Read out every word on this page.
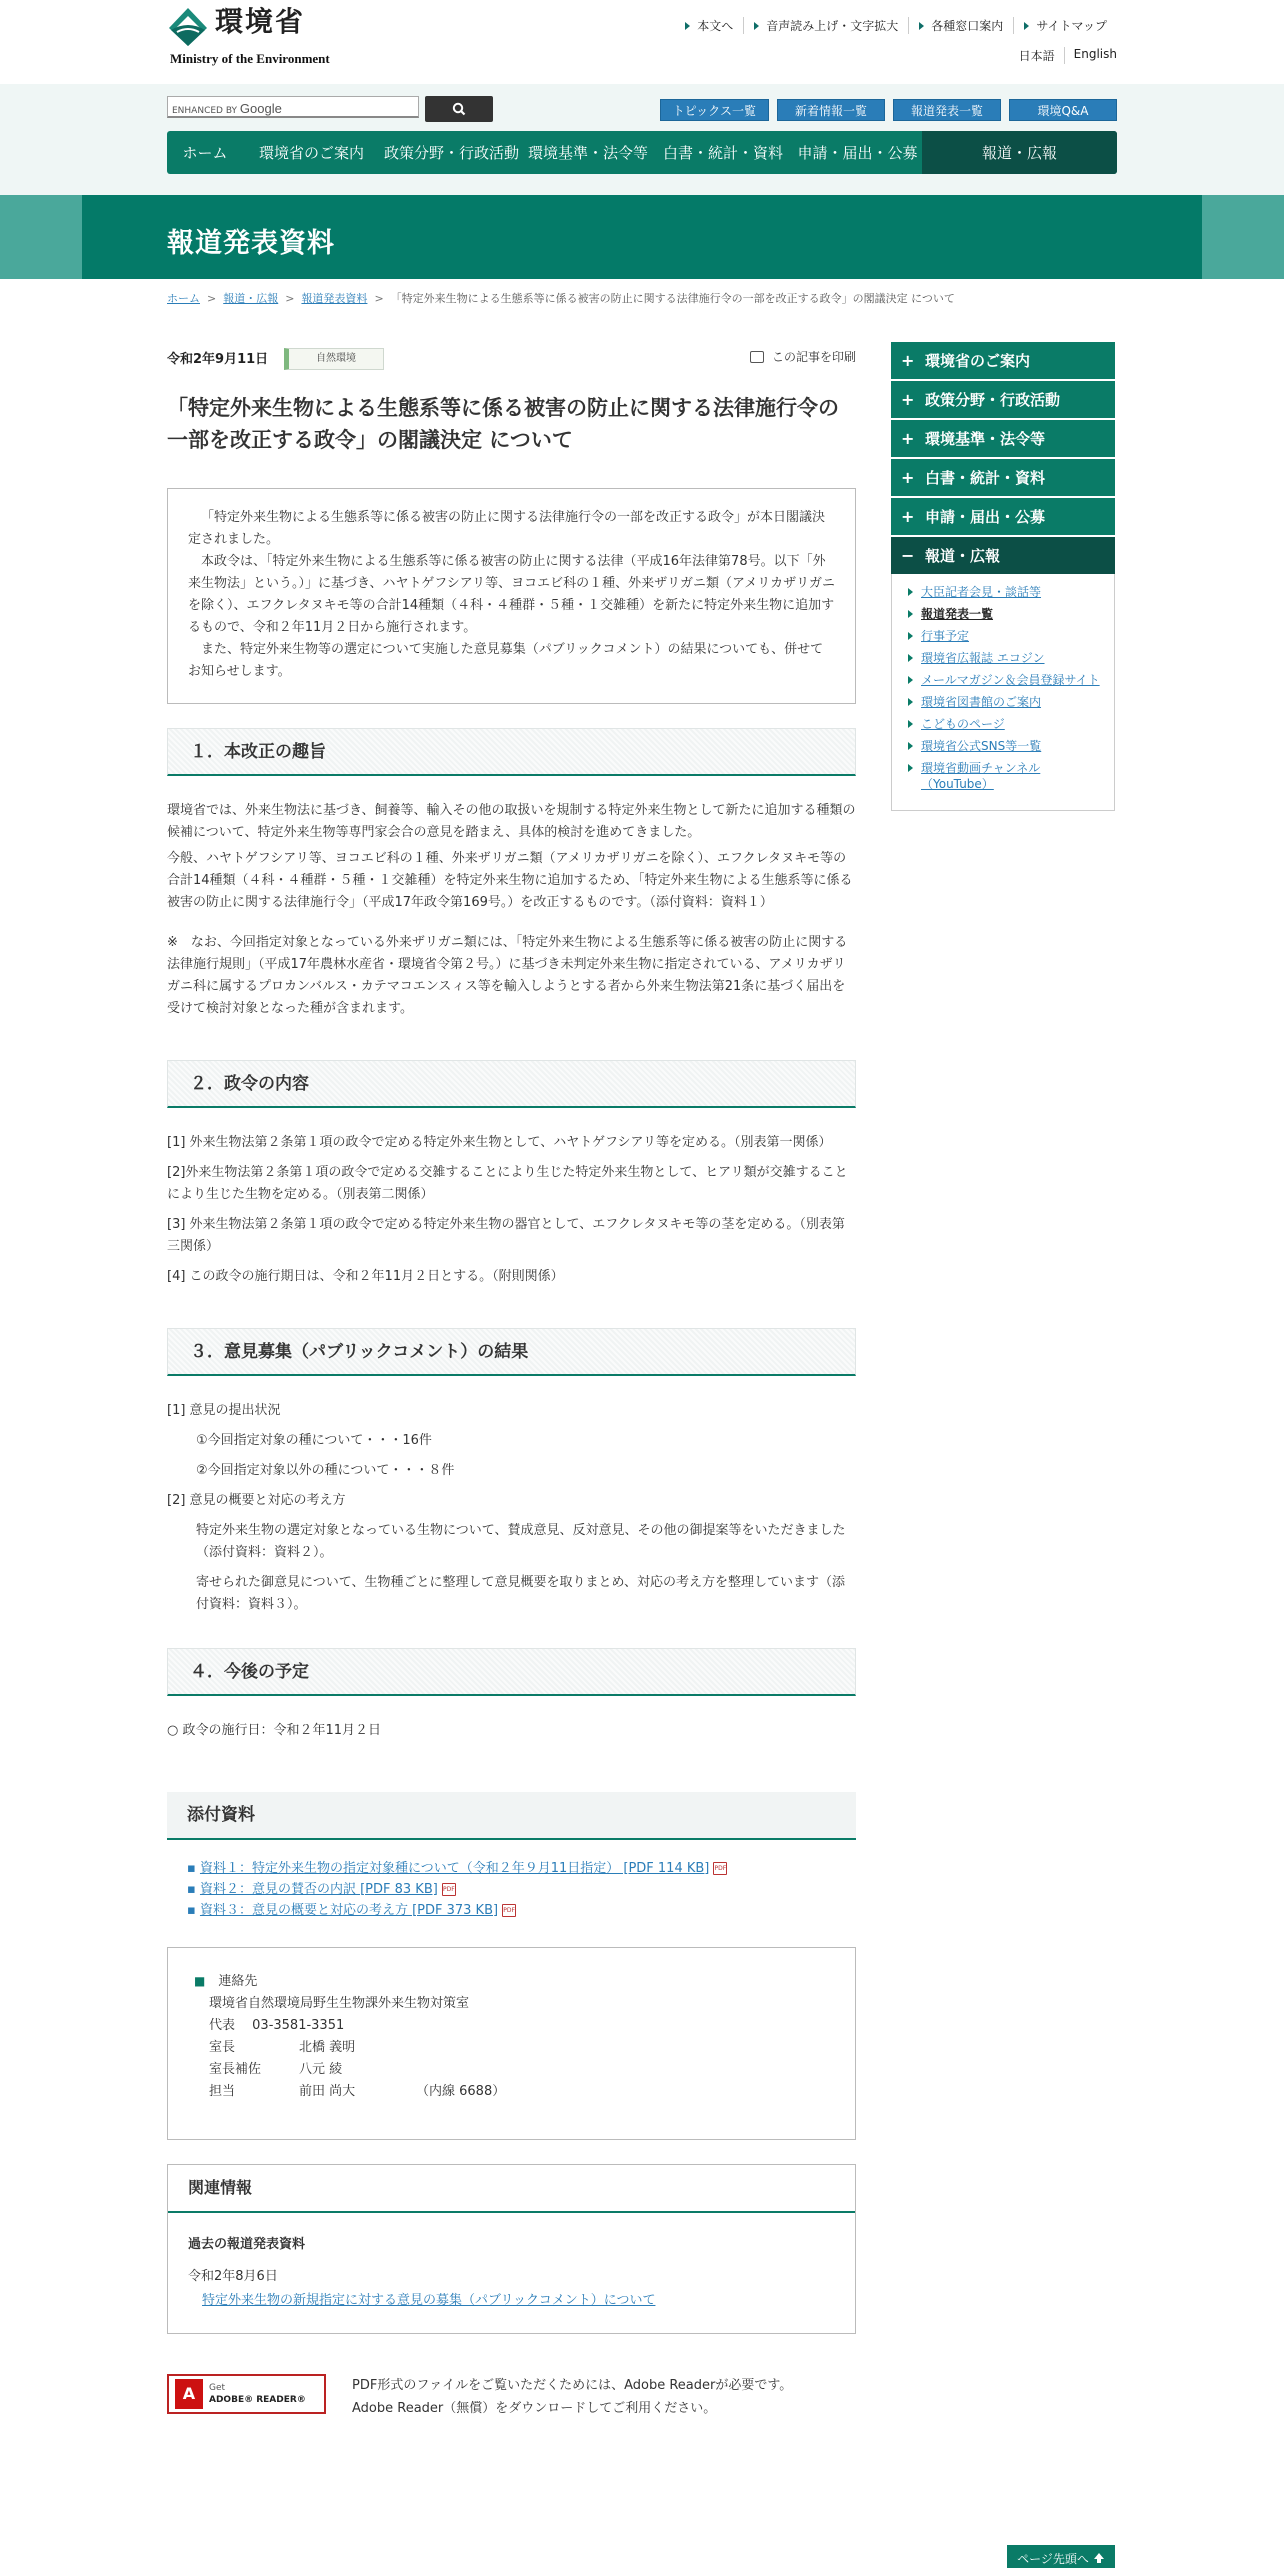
環境省
Ministry of the Environment
本文へ	音声読み上げ・文字拡大	各種窓口案内	サイトマップ
日本語	English
ENHANCED BY Google	トピックス一覧	新着情報一覧	報道発表一覧	環境Q&A
ホーム	環境省のご案内	政策分野・行政活動 環境基準・法令等 白書・統計・資料 申請・届出・公募	報道・広報
報道発表資料
ホーム > 報道・広報 > 報道発表資料 > 「特定外来生物による生態系等に係る被害の防止に関する法律施行令の一部を改正する政令」の閣議決定 について
令和2年9月11日	自然環境	この記事を印刷
「特定外来生物による生態系等に係る被害の防止に関する法律施行令の一部を改正する政令」の閣議決定 について

「特定外来生物による生態系等に係る被害の防止に関する法律施行令の一部を改正する政令」が本日閣議決定されました。

本政令は、「特定外来生物による生態系等に係る被害の防止に関する法律（平成16年法律第78号。以下「外来生物法」という。）」に基づき、ハヤトゲフシアリ等、ヨコエビ科の１種、外来ザリガニ類（アメリカザリガニを除く）、エフクレタヌキモ等の合計14種類（４科・４種群・５種・１交雑種）を新たに特定外来生物に追加するもので、令和２年11月２日から施行されます。

また、特定外来生物等の選定について実施した意見募集（パブリックコメント）の結果についても、併せてお知らせします。

１．本改正の趣旨

環境省では、外来生物法に基づき、飼養等、輸入その他の取扱いを規制する特定外来生物として新たに追加する種類の候補について、特定外来生物等専門家会合の意見を踏まえ、具体的検討を進めてきました。

今般、ハヤトゲフシアリ等、ヨコエビ科の１種、外来ザリガニ類（アメリカザリガニを除く）、エフクレタヌキモ等の合計14種類（４科・４種群・５種・１交雑種）を特定外来生物に追加するため、「特定外来生物による生態系等に係る被害の防止に関する法律施行令」（平成17年政令第169号。）を改正するものです。（添付資料：資料１）

※　なお、今回指定対象となっている外来ザリガニ類には、「特定外来生物による生態系等に係る被害の防止に関する法律施行規則」（平成17年農林水産省・環境省令第２号。）に基づき未判定外来生物に指定されている、アメリカザリガニ科に属するプロカンバルス・カテマコエンスィス等を輸入しようとする者から外来生物法第21条に基づく届出を受けて検討対象となった種が含まれます。

２．政令の内容

[1] 外来生物法第２条第１項の政令で定める特定外来生物として、ハヤトゲフシアリ等を定める。（別表第一関係）

[2]外来生物法第２条第１項の政令で定める交雑することにより生じた特定外来生物として、ヒアリ類が交雑することにより生じた生物を定める。（別表第二関係）

[3] 外来生物法第２条第１項の政令で定める特定外来生物の器官として、エフクレタヌキモ等の茎を定める。（別表第三関係）

[4] この政令の施行期日は、令和２年11月２日とする。（附則関係）

３．意見募集（パブリックコメント）の結果

[1] 意見の提出状況

①今回指定対象の種について・・・16件

②今回指定対象以外の種について・・・８件

[2] 意見の概要と対応の考え方

特定外来生物の選定対象となっている生物について、賛成意見、反対意見、その他の御提案等をいただきました（添付資料：資料２）。

寄せられた御意見について、生物種ごとに整理して意見概要を取りまとめ、対応の考え方を整理しています（添付資料：資料３）。

４．今後の予定
○ 政令の施行日：令和２年11月２日
添付資料
▪ 資料１：特定外来生物の指定対象種について（令和２年９月11日指定） [PDF 114 KB] PDF
▪ 資料２：意見の賛否の内訳 [PDF 83 KB] PDF
▪ 資料３：意見の概要と対応の考え方 [PDF 373 KB] PDF
■　 連絡先
環境省自然環境局野生生物課外来生物対策室
代表　 03-3581-3351
室長	北橋 義明
室長補佐	八元 綾
担当	前田 尚大	（内線 6688）
関連情報
過去の報道発表資料
令和2年8月6日
特定外来生物の新規指定に対する意見の募集（パブリックコメント）について
A	Get
ADOBE® READER®
PDF形式のファイルをご覧いただくためには、Adobe Readerが必要です。
Adobe Reader（無償）をダウンロードしてご利用ください。
+ 環境省のご案内
+ 政策分野・行政活動
+ 環境基準・法令等
+ 白書・統計・資料
+ 申請・届出・公募
− 報道・広報
大臣記者会見・談話等
報道発表一覧
行事予定
環境省広報誌 エコジン
メールマガジン＆会員登録サイト
環境省図書館のご案内
こどものページ
環境省公式SNS等一覧
環境省動画チャンネル（YouTube）
ページ先頭へ
